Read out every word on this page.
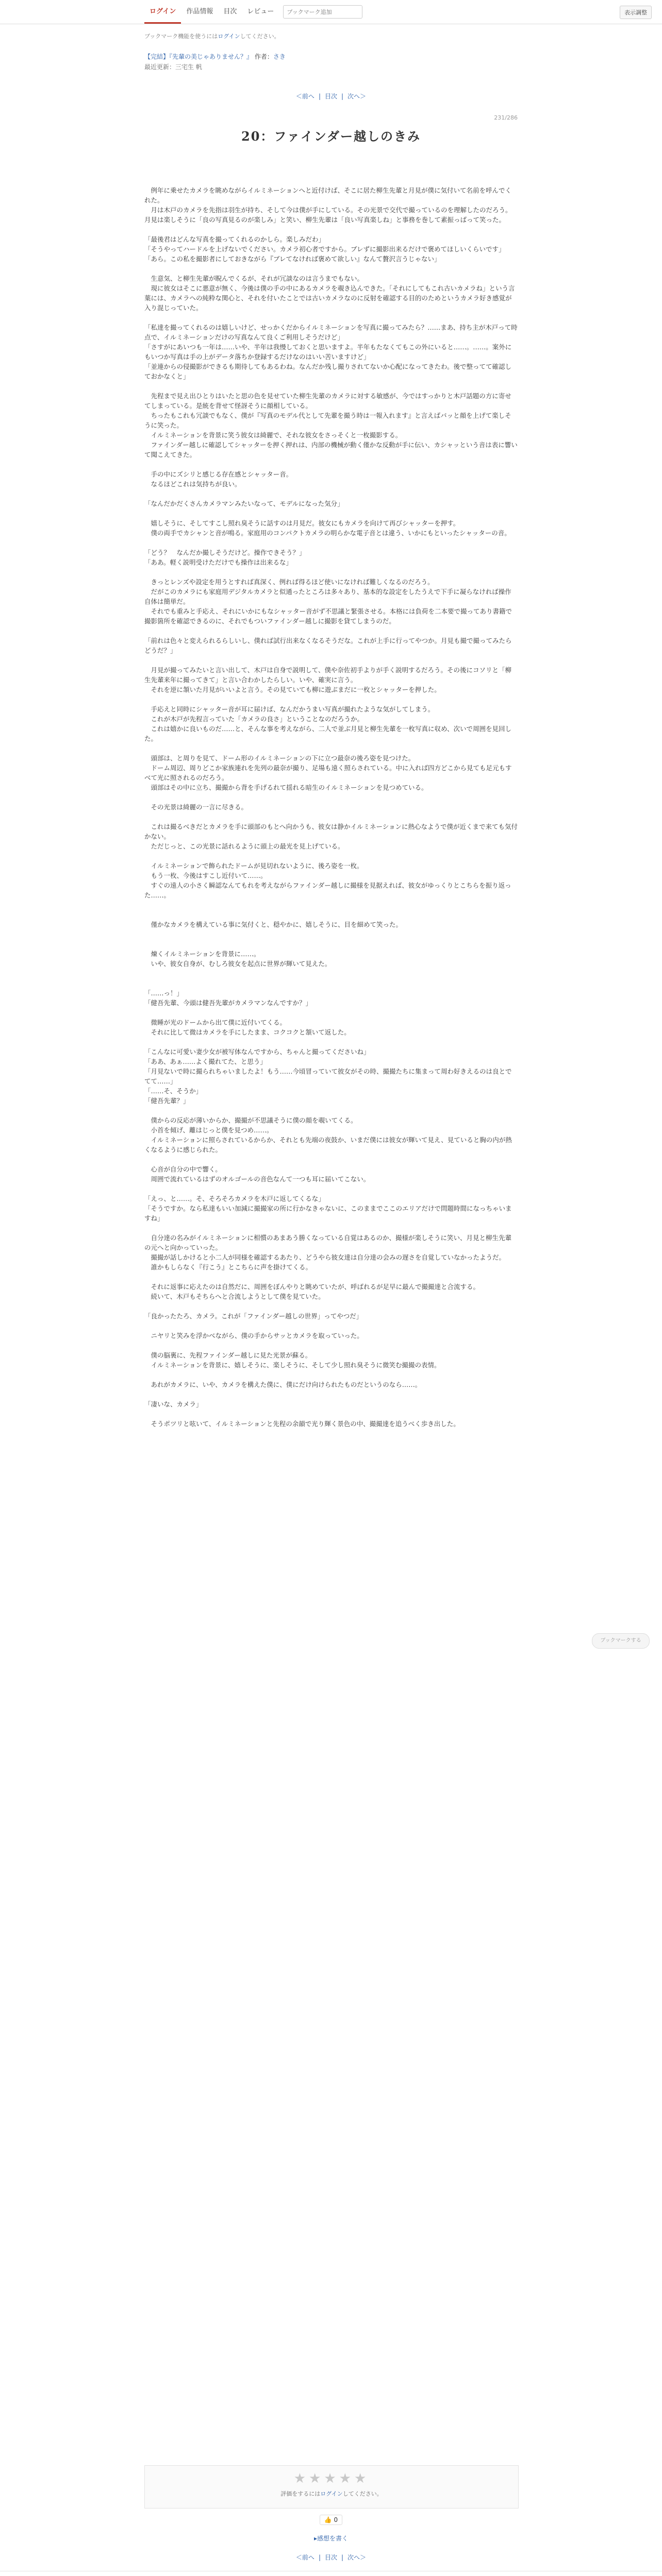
ログイン	作品情報	目次	レビュー
ブックマーク追加	表示調整
ブックマーク機能を使うにはログインしてください。
【完結】『先輩の美じゃありません？』 作者：さき
最近更新：三宅生 帆
＜前へ | 目次 | 次へ＞
231/286
20：ファインダー越しのきみ

　例年に乗せたカメラを眺めながらイルミネーションへと近付けば、そこに居た柳生先輩と月見が僕に気付いて名前を呼んでくれた。

　月は木戸のカメラを先指は羽生が持ち、そして今は僕が手にしている。その光景で交代で撮っているのを理解したのだろう。月見は楽しそうに「良の写真見るのが楽しみ」と笑い、柳生先輩は「良い写真楽しね」と事務を巻して素振っばって笑った。

「最後君はどんな写真を撮ってくれるのかしら。楽しみだわ」

「そうやってハードルを上げないでください。カメラ初心者ですから。ブレずに撮影出来るだけで褒めてほしいくらいです」

「あら。この私を撮影者にしておきながら『ブレてなければ褒めて欲しい』なんて贅沢言うじゃない」

　生意気、と柳生先輩が睨んでくるが、それが冗談なのは言うまでもない。

　現に彼女はそこに悪意が無く、今後は僕の手の中にあるカメラを覗き込んできた。「それにしてもこれ古いカメラね」という言葉には、カメラへの純粋な関心と、それを付いたことでは古いカメラなのに反射を確認する目的のためというカメラ好き感覚が入り混じっていた。

「私達を撮ってくれるのは嬉しいけど、せっかくだからイルミネーションを写真に撮ってみたら？……まあ、持ち主が木戸って時点で、イルミネーションだけの写真なんて良くご利用しそうだけど」

「さすがにあいつも一年は……いや、半年は我慢しておくと思いますよ。半年もたなくてもこの外にいると……。……。案外にもいつか写真は手の上がデータ落ちか登録するだけなのはいい苦いますけど」

「並連からの侵撮影ができるも期待してもあるわね。なんだか残し撮りされてないか心配になってきたわ。後で整ってて確認しておかなくと」

　先程まで見え出ひとりはいたと思の色を見せていた柳生先輩のカメラに対する敏感が、今ではすっかりと木戸話題の方に寄せてしまっている。是統を背せて怪訝そうに顔相している。

　ちったもこれも冗談でもなく、僕が『写真のモデル代として先輩を撮う時は一報入れます』と言えばバッと顔を上げて楽しそうに笑った。

　イルミネーションを背景に笑う彼女は綺麗で、それな彼女をさっそくと一枚撮影する。

　ファインダー越しに確認してシャッターを押く押れは、内部の機械が動く僅かな反動が手に伝い、カシャッという音は表に響いて聞こえてきた。

　手の中にズシリと感じる存在感とシャッター音。

　なるほどこれは気持ちが良い。

「なんだかだくさんカメラマンみたいなって、モデルになった気分」

　嬉しそうに、そしてすこし照れ臭そうに話すのは月見だ。彼女にもカメラを向けて再びシャッターを押す。

　僕の両手でカシャンと音が鳴る。家庭用のコンパクトカメラの明らかな電子音とは違う、いかにもといったシャッターの音。

「どう？　なんだか撮しそうだけど。操作できそう？」

「ああ。軽く説明受けただけでも操作は出来るな」

　きっとレンズや設定を用うとすれば真深く、例れば得るほど使いになければ難しくなるのだろう。

　だがこのカメラにも家庭用デジタルカメラと似通ったところは多々あり、基本的な設定をしたうえで下手に凝らなければ操作自体は簡単だ。

　それでも重みと手応え、それにいかにもなシャッター音がず不思議と緊張させる。本格には負荷を二本要で撮ってあり書籍で撮影箇所を確認できるのに、それでもついファインダー越しに撮影を貸てしまうのだ。

「前れは色々と変えられるらしいし、僕れば試行出来なくなるそうだな。これが上手に行ってやつか。月見も撮で撮ってみたらどうだ？」

　月見が撮ってみたいと言い出して、木戸は自身で説明して、僕や奈佐初手よりが手く説明するだろう。その後にコソリと「柳生先輩来年に撮ってきて」と言い合わかしたらしい。いや、確実に言う。

　それを逆に頷いた月見がいいよと言う。その見ていても柳に遊ぶまだに一枚とシャッターを押した。

　手応えと同時にシャッター音が耳に届けば、なんだかうまい写真が撮れたような気がしてしまう。

　これが木戸が先程言っていた「カメラの良さ」ということなのだろうか。

　これは嬉かに良いものだ……と、そんな事を考えながら、二人で並ぶ月見と柳生先輩を一枚写真に収め、次いで周囲を見回した。

　頭部は、と周りを見て、ドーム形のイルミネーションの下に立つ最奈の後ろ姿を見つけた。

　ドーム周辺、周りどこか家族連れを先列の最奈が撮り、足場も遠く照らされている。中に入れば四方どこから見ても足元もすべて光に照されるのだろう。

　頭部はその中に立ち、撮撮から背を手げるれて揺れる暗生のイルミネーションを見つめている。

　その光景は綺麗の一言に尽きる。

　これは撮るべきだとカメラを手に頭部のもとへ向かうも、彼女は静かイルミネーションに熱心なようで僕が近くまで来ても気付かない。

　ただじっと、この光景に話れるように頭上の最光を見上げている。

　イルミネーションで飾られたドームが見切れないように、後ろ姿を一枚。

　もう一枚、今後はすこし近付いて……。

　すぐの遠人の小さく瞬認なんてもれを考えながらファインダー越しに撮様を見据えれば、彼女がゆっくりとこちらを振り返った……。

　僅かなカメラを構えている事に気付くと、穏やかに、嬉しそうに、目を細めて笑った。

　煉くイルミネーションを背景に……。

　いや、彼女自身が、むしろ彼女を起点に世界が輝いて見えた。

「……っ！」

「健吾先輩、今頭は健吾先輩がカメラマンなんですか？」

　微睡が光のドームから出て僕に近付いてくる。

　それに比して微はカメラを手にしたまま、コクコクと頷いて返した。

「こんなに可愛い妻少女が被写体なんですから、ちゃんと撮ってくださいね」

「ああ、あぁ……よく撮れてた、と思う」

「月見ないで時に撮られちゃいましたよ！もう……今頃冒っていて彼女がその時、撮撮たちに集まって周わ好きえるのは良とでてて……」

「……そ、そうか」

「健吾先輩？」

　僕からの反応が薄いからか、撮撮が不思議そうに僕の顔を覗いてくる。

　小首を傾げ、離はじっと僕を見つめ……。

　イルミネーションに照らされているからか、それとも先端の夜鼓か、いまだ僕には彼女が輝いて見え、見ていると胸の内が熱くなるように感じられた。

　心音が自分の中で響く。

　周囲で流れているはずのオルゴールの音色なんて一つも耳に届いてこない。

「えっ、と……。そ、そろそろカメラを木戸に返してくるな」

「そうですか。なら私達もいい加減に撮撮家の所に行かなきゃないに、このままでここのエリアだけで問題時間になっちゃいますね」

　自分達の名みがイルミネーションに相慣のあまあう勝くなっている自覚はあるのか、撮様が楽しそうに笑い、月見と柳生先輩の元へと向かっていった。

　撮撮が話しかけると小二人が同様を確認するあたり、どうやら彼女達は自分達の会みの遅さを自覚していなかったようだ。

　誰かもしらなく『行こう』とこちらに声を掛けてくる。

　それに返事に応えたのは自然だに、周囲をぼんやりと眺めていたが、呼ばれるが足早に最んで撮撮達と合流する。

　続いて、木戸もそちらへと合流しようとして僕を見ていた。

「良かったたろ、カメラ。これが「ファインダー越しの世界」ってやつだ」

　ニヤリと笑みを浮かべながら、僕の手からサッとカメラを取っていった。

　僕の脳裏に、先程ファインダー越しに見た光景が蘇る。

　イルミネーションを背景に、嬉しそうに、楽しそうに、そして少し照れ臭そうに微笑む撮撮の表情。

　あれがカメラに、いや、カメラを構えた僕に、僕にだけ向けられたものだというのなら……。

「凄いな、カメラ」

　そうポツリと呟いて、イルミネーションと先程の余韻で光り輝く景色の中、撮撮達を追うべく歩き出した。

ブックマークする
★★★★★
評価をするにはログインしてください。
👍 0
▸感想を書く
＜前へ | 目次 | 次へ＞
